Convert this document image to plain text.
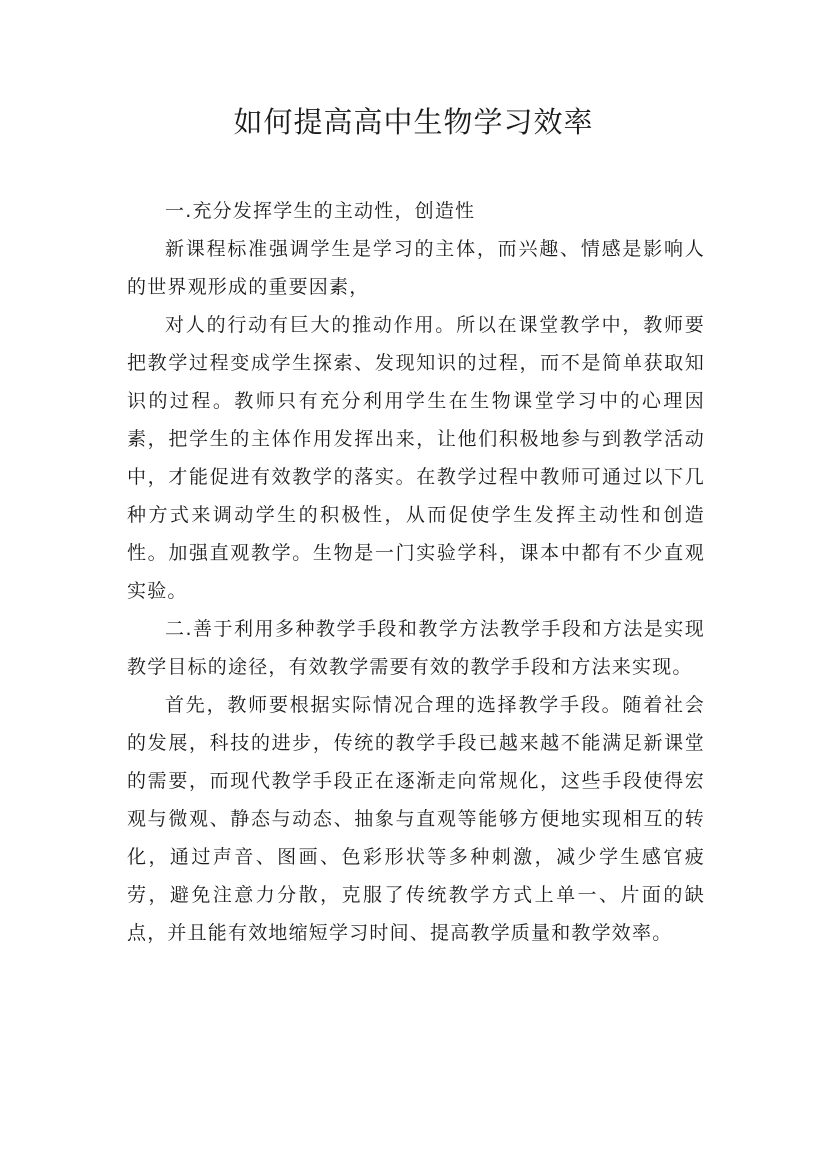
如何提高高中生物学习效率

一.充分发挥学生的主动性，创造性

新课程标准强调学生是学习的主体，而兴趣、情感是影响人的世界观形成的重要因素，

对人的行动有巨大的推动作用。所以在课堂教学中，教师要把教学过程变成学生探索、发现知识的过程，而不是简单获取知识的过程。教师只有充分利用学生在生物课堂学习中的心理因素，把学生的主体作用发挥出来，让他们积极地参与到教学活动中，才能促进有效教学的落实。在教学过程中教师可通过以下几种方式来调动学生的积极性，从而促使学生发挥主动性和创造性。加强直观教学。生物是一门实验学科，课本中都有不少直观实验。

二.善于利用多种教学手段和教学方法教学手段和方法是实现教学目标的途径，有效教学需要有效的教学手段和方法来实现。

首先，教师要根据实际情况合理的选择教学手段。随着社会的发展，科技的进步，传统的教学手段已越来越不能满足新课堂的需要，而现代教学手段正在逐渐走向常规化，这些手段使得宏观与微观、静态与动态、抽象与直观等能够方便地实现相互的转化，通过声音、图画、色彩形状等多种刺激，减少学生感官疲劳，避免注意力分散，克服了传统教学方式上单一、片面的缺点，并且能有效地缩短学习时间、提高教学质量和教学效率。
